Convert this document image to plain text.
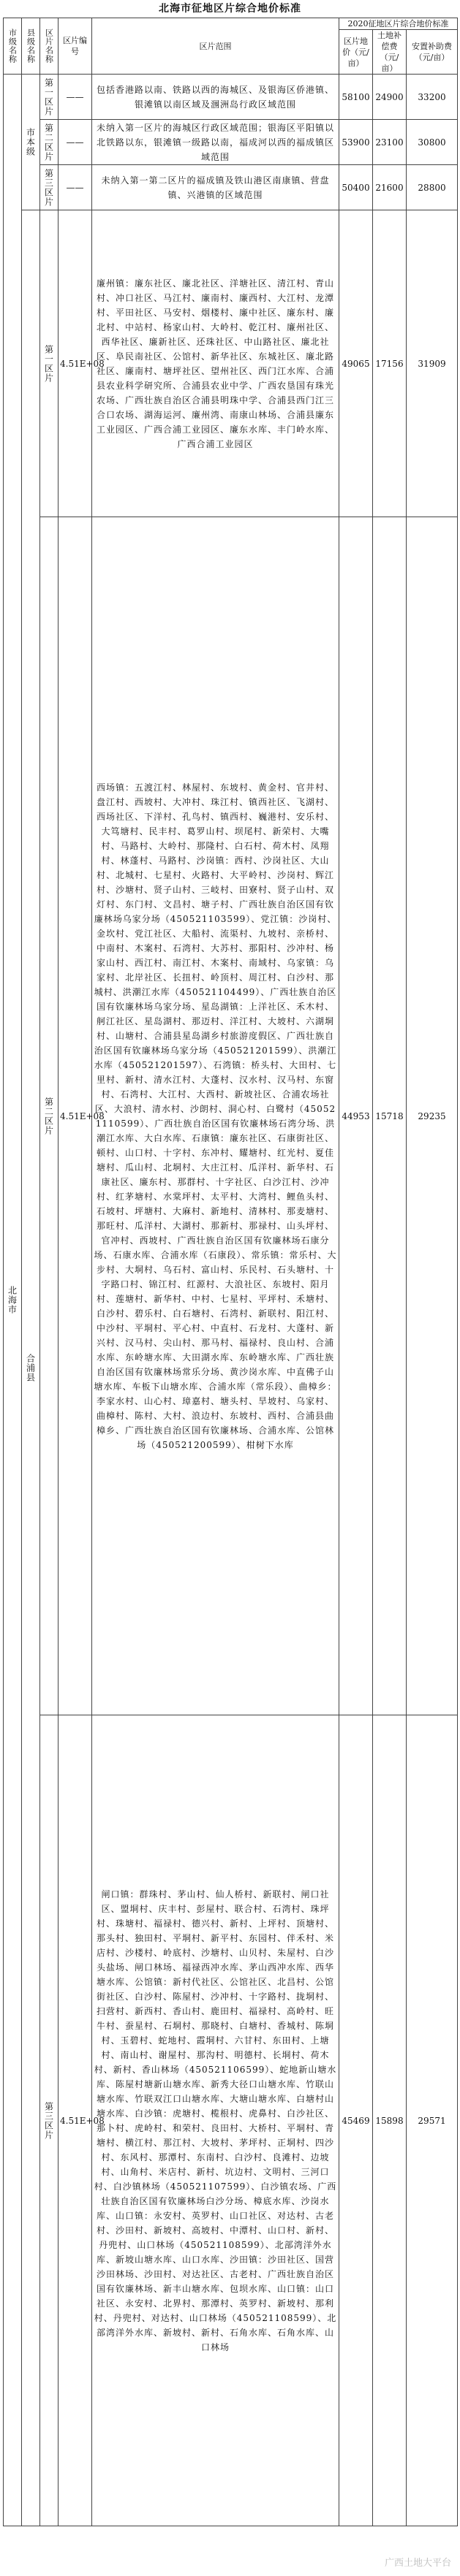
北海市征地区片综合地价标准
市级名称	县级名称	区片名称	区片编号	区片范围	2020征地区片综合地价标准		
					区片地价（元/亩）	土地补偿费（元/亩）	安置补助费（元/亩）

北海市	市本级	第一区片	——	包括香港路以南、铁路以西的海城区、及银海区侨港镇、银滩镇以南区域及涠洲岛行政区域范围	58100	24900	33200

		第二区片	——	未纳入第一区片的海城区行政区域范围；银海区平阳镇以北铁路以东，银滩镇一级路以南，福成河以西的福成镇区域范围	53900	23100	30800

		第三区片	——	未纳入第一第二区片的福成镇及铁山港区南康镇、营盘镇、兴港镇的区域范围	50400	21600	28800

	合浦县	第一区片	4.51E+08	廉州镇：廉东社区、廉北社区、洋塘社区、清江村、青山村、冲口社区、马江村、廉南村、廉西村、大江村、龙潭村、平田社区、马安村、烟楼村、廉中社区、廉东村、廉北村、中站村、杨家山村、大岭村、乾江村、廉州社区、西华社区、廉新社区、还珠社区、中山路社区、廉北社区、阜民南社区、公馆村、新华社区、东城社区、廉北路社区、廉南村、塘坪社区、望州社区、西门江水库、合浦县农业科学研究所、合浦县农业中学、广西农垦国有珠光农场、广西壮族自治区合浦县明珠中学、合浦县西门江三合口农场、湖海运河、廉州湾、南康山林场、合浦县廉东工业园区、广西合浦工业园区、廉东水库、丰门岭水库、广西合浦工业园区	49065	17156	31909

		第二区片	4.51E+08	西场镇：五渡江村、林屋村、东坡村、黄金村、官井村、盘江村、西坡村、大冲村、珠江村、镇西社区、飞湖村、西场社区、下洋村、孔鸟村、镇西村、巍港村、安乐村、大笃塘村、民丰村、葛罗山村、坝尾村、新荣村、大嘴村、马路村、大岭村、那隆村、白石村、荷木村、凤翔村、林蓬村、马路村、沙岗镇：西村、沙岗社区、大山村、北城村、七星村、火路村、大平岭村、沙岗村、辉江村、沙塘村、贤子山村、三岐村、田寮村、贤子山村、双灯村、东门村、文昌村、塘子村、广西壮族自治区国有钦廉林场乌家分场（450521103599）、党江镇：沙岗村、金坎村、党江社区、大船村、流渠村、九坡村、亲桥村、中南村、木案村、石湾村、大苏村、那阳村、沙冲村、杨家山村、西江村、南江村、木案村、南域村、乌家镇：乌家村、北岸社区、长扭村、岭顶村、周江村、白沙村、那城村、洪潮江水库（450521104499）、广西壮族自治区国有钦廉林场乌家分场、星岛湖镇：上洋社区、禾木村、舸江社区、星岛湖村、那迈村、洋江村、大坡村、六湖垌村、山塘村、合浦县星岛湖乡村旅游度假区、广西壮族自治区国有钦廉林场乌家分场（450521201599）、洪潮江水库（450521201597）、石湾镇：桥头村、大田村、七里村、新村、清水江村、大蓬村、汉水村、汉马村、东窗村、石湾村、大江村、大西村、新坡社区、合浦农场社区、大浪村、清水村、沙朗村、洞心村、白鹭村（450521110599）、广西壮族自治区国有钦廉林场石湾分场、洪潮江水库、大白水库、石康镇：廉东社区、石康街社区、顿村、山口村、十字村、东冲村、耀塘村、红光村、夏佳塘村、瓜山村、北垌村、大庄江村、瓜洋村、新华村、石康社区、廉东村、那群村、十字社区、白沙江村、沙冲村、红茅塘村、水棠坪村、太平村、大湾村、鲤鱼头村、石坡村、坪塘村、大麻村、新地村、清林村、那麦塘村、那旺村、瓜洋村、大湖村、那新村、那禄村、山头坪村、官冲村、西坡村、广西壮族自治区国有钦廉林场石康分场、石康水库、合浦水库（石康段）、常乐镇：常乐村、大步村、大垌村、乌石村、富山村、乐民村、石头塘村、十字路口村、锦江村、红源村、大浪社区、东坡村、阳月村、莲塘村、新华村、中村、七星村、平坪村、禾塘村、白沙村、碧乐村、白石塘村、石湾村、新联村、阳江村、中沙村、平垌村、平心村、中直村、石龙村、大蓬村、新兴村、汉马村、尖山村、那马村、福禄村、良山村、合浦水库、东岭塘水库、大田湖水库、东岭塘水库、广西壮族自治区国有钦廉林场常乐分场、黄沙岗水库、中直佛子山塘水库、车板下山塘水库、合浦水库（常乐段）、曲樟乡：李家水村、山心村、璋嘉村、塘头村、旱坡村、乌家村、曲樟村、陈村、大村、浪边村、东坡村、西村、合浦县曲樟乡、广西壮族自治区国有钦廉林场、合浦水库、公馆林场（450521200599）、柑树下水库	44953	15718	29235

		第三区片	4.51E+08	闸口镇：群珠村、茅山村、仙人桥村、新联村、闸口社区、盟垌村、庆丰村、彭屋村、联合村、石湾村、珠坪村、珠塘村、福禄村、德兴村、新村、上坪村、顶塘村、那头村、独田村、平垌村、新平村、东园村、伴禾村、米店村、沙楼村、岭底村、沙塘村、山贝村、朱屋村、白沙头盐场、闸口林场、福禄西冲水库、茅山西冲水库、西华塘水库、公馆镇：新村代社区、公馆社区、北昌村、公馆街社区、白沙村、陈屋村、沙冲村、十字路村、拢垌村、扫营村、新西村、香山村、鹿田村、福禄村、高岭村、旺牛村、蚕星村、石垌村、那晓村、白塘村、香城村、陈垌村、玉碧村、蛇地村、霞垌村、六甘村、东田村、上塘村、南山村、谢屋村、那沟村、明德村、长垌村、荷木村、新村、香山林场（450521106599）、蛇地新山塘水库、陈屋村塘新山塘水库、新秀大径口山塘水库、竹联山塘水库、竹联双江口山塘水库、大塘山塘水库、白塘村山塘水库、白沙镇：虎塘村、榄根村、虎鼻村、白沙社区、那卜村、虎岭村、和荣村、良田村、大桥村、平垌村、青塘村、横江村、那江村、大坡村、茅坪村、正垌村、四沙村、东风村、那潭村、东南村、白沙村、良滩村、边坡村、山角村、米店村、新村、坑边村、文明村、三河口村、白沙镇林场（450521107599）、白沙镇农场、广西壮族自治区国有钦廉林场白沙分场、樟底水库、沙岗水库、山口镇：永安村、英罗村、山口社区、对达村、古老村、沙田村、新坡村、高坡村、中潭村、山口村、新村、丹兜村、山口林场（450521108599）、北部湾洋外水库、新坡山塘水库、山口水库、沙田镇：沙田社区、国营沙田林场、沙田村、对达社区、古老村、广西壮族自治区国有钦廉林场、新丰山塘水库、包坝水库、山口镇：山口社区、永安村、北界村、那潭村、英罗村、新坡村、那利村、丹兜村、对达村、山口林场（450521108599）、北部湾洋外水库、新坡村、新村、石角水库、石角水库、山口林场	45469	15898	29571
广西土地大平台
